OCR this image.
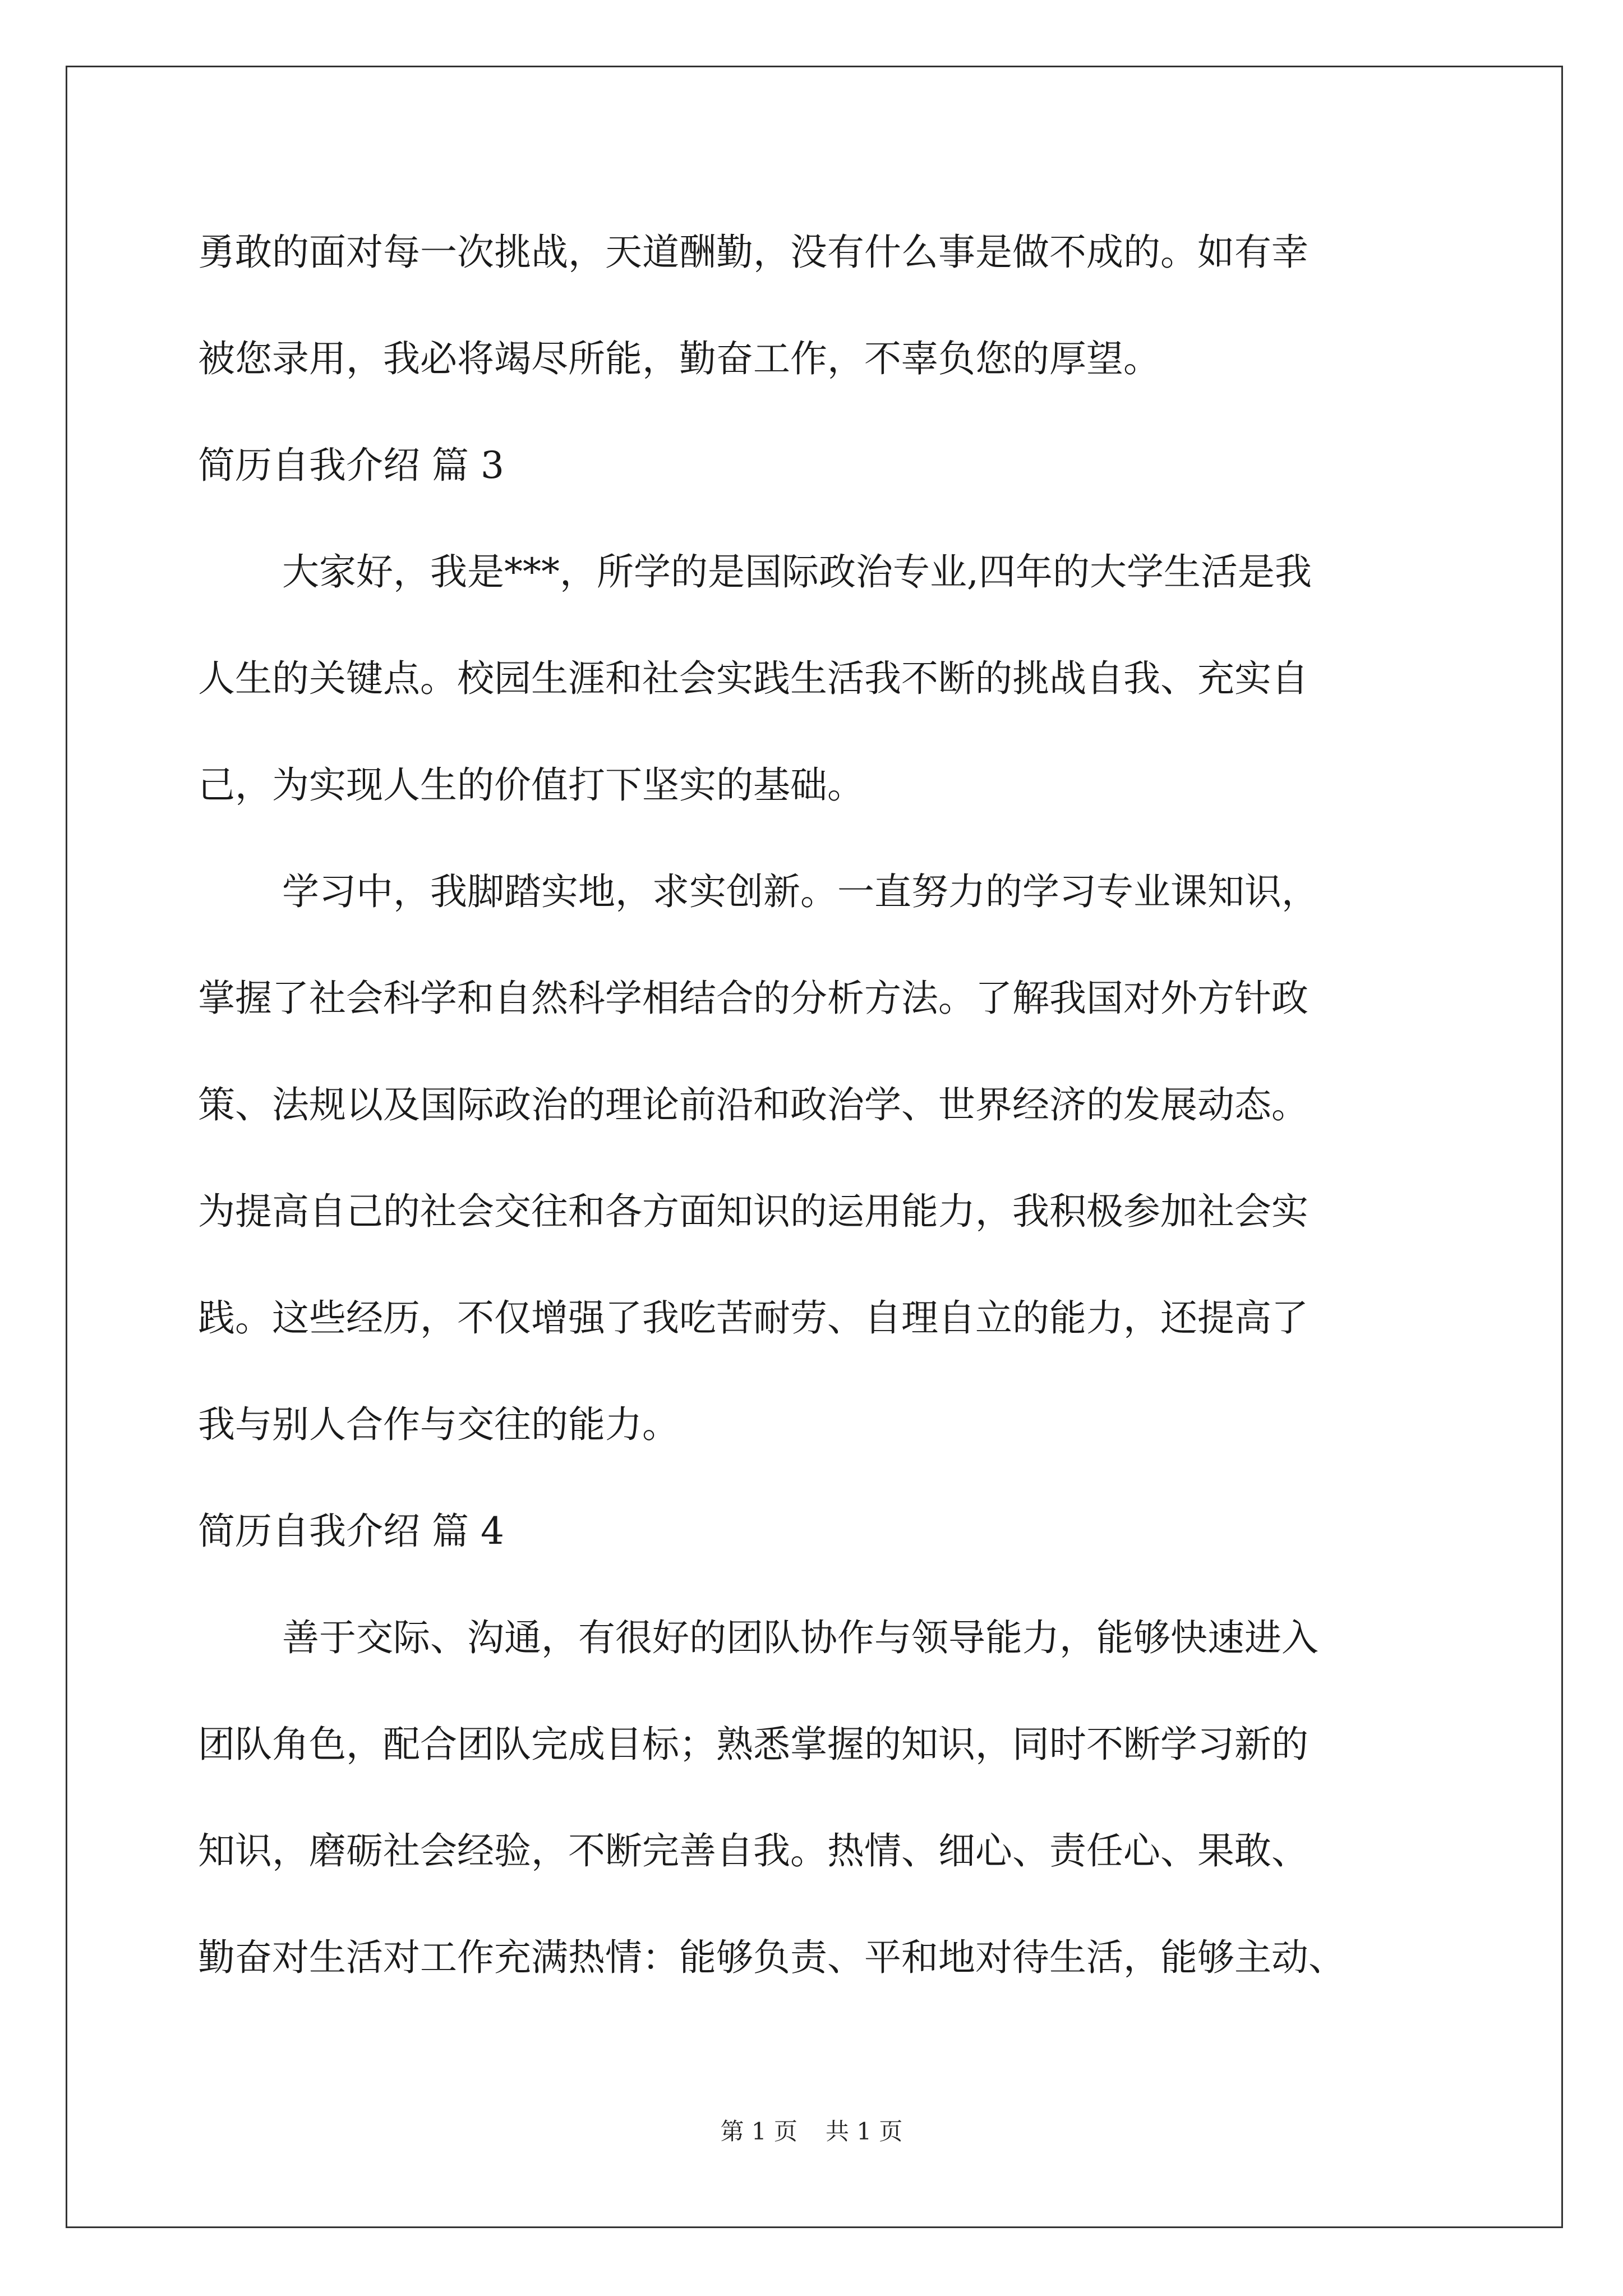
勇敢的面对每一次挑战，天道酬勤，没有什么事是做不成的。如有幸
被您录用，我必将竭尽所能，勤奋工作，不辜负您的厚望。
简历自我介绍 篇 3
大家好，我是***，所学的是国际政治专业,四年的大学生活是我
人生的关键点。校园生涯和社会实践生活我不断的挑战自我、充实自
己，为实现人生的价值打下坚实的基础。
学习中，我脚踏实地，求实创新。一直努力的学习专业课知识，
掌握了社会科学和自然科学相结合的分析方法。了解我国对外方针政
策、法规以及国际政治的理论前沿和政治学、世界经济的发展动态。
为提高自己的社会交往和各方面知识的运用能力，我积极参加社会实
践。这些经历，不仅增强了我吃苦耐劳、自理自立的能力，还提高了
我与别人合作与交往的能力。
简历自我介绍 篇 4
善于交际、沟通，有很好的团队协作与领导能力，能够快速进入
团队角色，配合团队完成目标；熟悉掌握的知识，同时不断学习新的
知识，磨砺社会经验，不断完善自我。热情、细心、责任心、果敢、
勤奋对生活对工作充满热情：能够负责、平和地对待生活，能够主动、
第 1 页 共 1 页
